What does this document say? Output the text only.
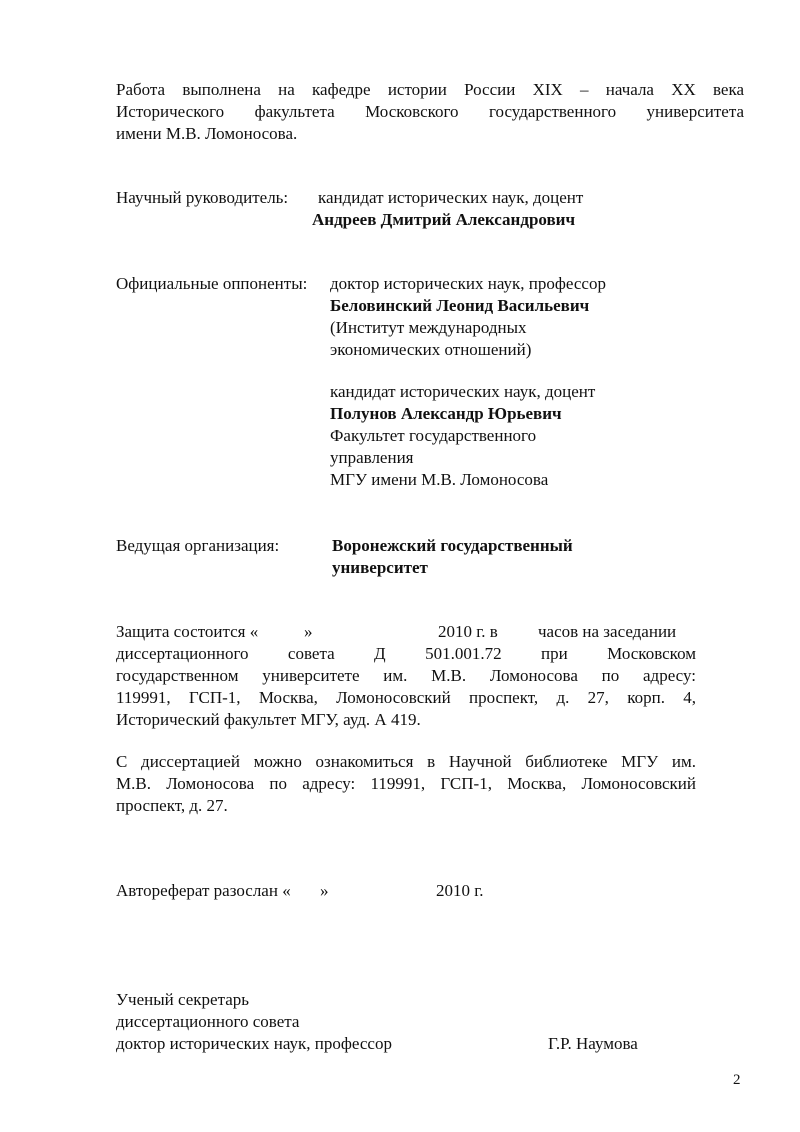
Работа выполнена на кафедре истории России XIX – начала XX века
Исторического факультета Московского государственного университета
имени М.В. Ломоносова.
Научный руководитель: кандидат исторических наук, доцент
Андреев Дмитрий Александрович
Официальные оппоненты: доктор исторических наук, профессор
Беловинский Леонид Васильевич
(Институт международных
экономических отношений)
кандидат исторических наук, доцент
Полунов Александр Юрьевич
Факультет государственного
управления
МГУ имени М.В. Ломоносова
Ведущая организация:	Воронежский государственный
университет
Защита состоится «	»	2010 г. в часов на заседании
диссертационного совета Д 501.001.72 при Московском
государственном университете им. М.В. Ломоносова по адресу:
119991, ГСП-1, Москва, Ломоносовский проспект, д. 27, корп. 4,
Исторический факультет МГУ, ауд. А 419.
С диссертацией можно ознакомиться в Научной библиотеке МГУ им.
М.В. Ломоносова по адресу: 119991, ГСП-1, Москва, Ломоносовский
проспект, д. 27.
Автореферат разослан « »	2010 г.
Ученый секретарь
диссертационного совета
доктор исторических наук, профессор	Г.Р. Наумова
2
